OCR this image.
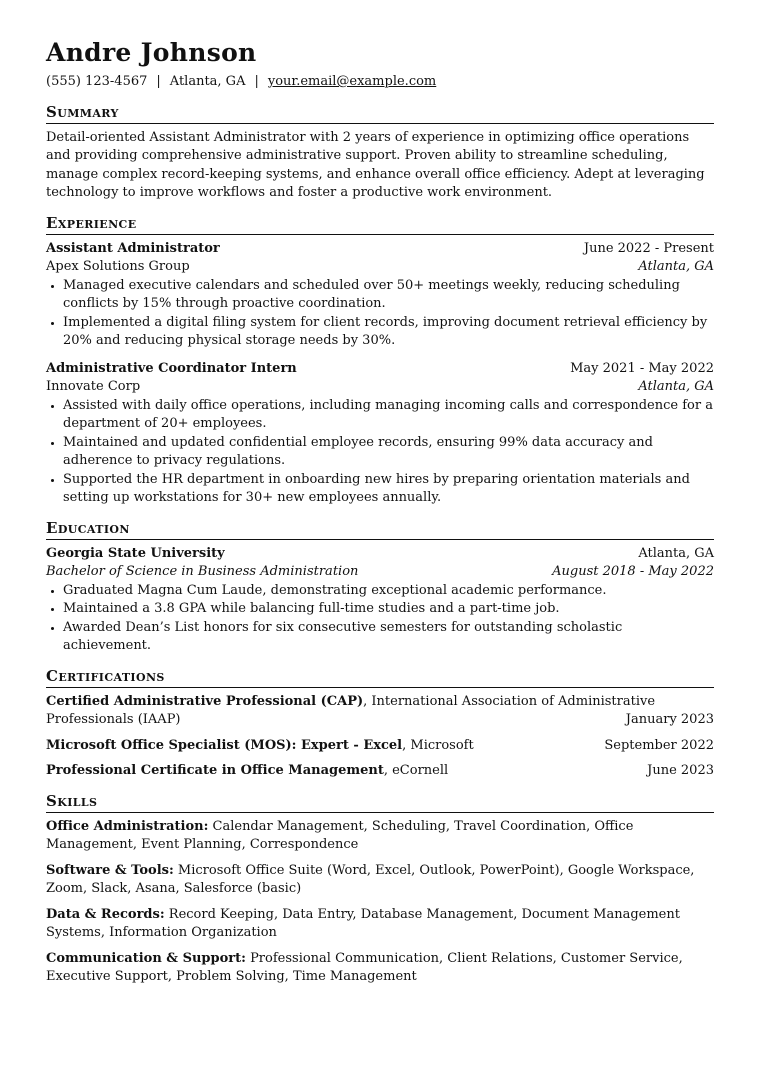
Andre Johnson
(555) 123-4567 | Atlanta, GA | your.email@example.com
Summary

Detail-oriented Assistant Administrator with 2 years of experience in optimizing office operations and providing comprehensive administrative support. Proven ability to streamline scheduling, manage complex record-keeping systems, and enhance overall office efficiency. Adept at leveraging technology to improve workflows and foster a productive work environment.

Experience
Assistant Administrator	June 2022 - Present
Apex Solutions Group	Atlanta, GA
• Managed executive calendars and scheduled over 50+ meetings weekly, reducing scheduling conflicts by 15% through proactive coordination.
• Implemented a digital filing system for client records, improving document retrieval efficiency by 20% and reducing physical storage needs by 30%.
Administrative Coordinator Intern	May 2021 - May 2022
Innovate Corp	Atlanta, GA
• Assisted with daily office operations, including managing incoming calls and correspondence for a department of 20+ employees.
• Maintained and updated confidential employee records, ensuring 99% data accuracy and adherence to privacy regulations.
• Supported the HR department in onboarding new hires by preparing orientation materials and setting up workstations for 30+ new employees annually.
Education
Georgia State University	Atlanta, GA
Bachelor of Science in Business Administration	August 2018 - May 2022
• Graduated Magna Cum Laude, demonstrating exceptional academic performance.
• Maintained a 3.8 GPA while balancing full-time studies and a part-time job.
• Awarded Dean’s List honors for six consecutive semesters for outstanding scholastic achievement.
Certifications
Certified Administrative Professional (CAP), International Association of Administrative Professionals (IAAP)	January 2023
Microsoft Office Specialist (MOS): Expert - Excel, Microsoft	September 2022
Professional Certificate in Office Management, eCornell	June 2023
Skills
Office Administration: Calendar Management, Scheduling, Travel Coordination, Office Management, Event Planning, Correspondence
Software & Tools: Microsoft Office Suite (Word, Excel, Outlook, PowerPoint), Google Workspace, Zoom, Slack, Asana, Salesforce (basic)
Data & Records: Record Keeping, Data Entry, Database Management, Document Management Systems, Information Organization
Communication & Support: Professional Communication, Client Relations, Customer Service, Executive Support, Problem Solving, Time Management
